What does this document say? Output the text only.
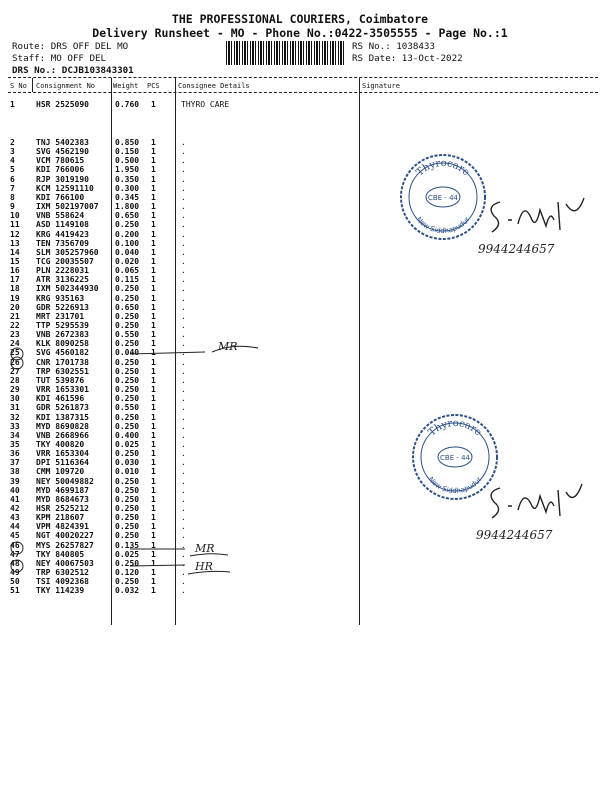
THE PROFESSIONAL COURIERS, Coimbatore
Delivery Runsheet - MO - Phone No.:0422-3505555 - Page No.:1
Route: DRS OFF DEL MO
Staff: MO OFF DEL
DRS No.: DCJB103843301
RS No.: 1038433
RS Date: 13-Oct-2022
S No Consignment No	Weight PCS	Consignee Details	Signature
1	HSR 2525090	0.760 1	THYRO CARE
2	TNJ 5402383	0.850 1	.
3	SVG 4562190	0.150 1	.
4	VCM 780615	0.500 1	.
5	KDI 766006	1.950 1	.
6	RJP 3019190	0.350 1	.
7	KCM 12591110	0.300 1	.
8	KDI 766100	0.345 1	.
9	IXM 502197007 1.800 1	.
10 VNB 558624	0.650 1	.
11 ASD 1149108	0.250 1	.
12 KRG 4419423	0.200 1	.
13 TEN 7356709	0.100 1	.
14 SLM 305257960 0.040 1	.
15 TCG 20035507	0.020 1	.
16 PLN 2228031	0.065 1	.
17 ATR 3136225	0.115 1	.
18 IXM 502344930 0.250 1	.
19 KRG 935163	0.250 1	.
20 GDR 5226913	0.650 1	.
21 MRT 231701	0.250 1	.
22 TTP 5295539	0.250 1	.
23 VNB 2672383	0.550 1	.
24 KLK 8090258	0.250 1	.
25 SVG 4560182	0.040 1	.
26 CNR 1701738	0.250 1	.
27 TRP 6302551	0.250 1	.
28 TUT 539876	0.250 1	.
29 VRR 1653301	0.250 1	.
30 KDI 461596	0.250 1	.
31 GDR 5261873	0.550 1	.
32 KDI 1387315	0.250 1	.
33 MYD 8690828	0.250 1	.
34 VNB 2668966	0.400 1	.
35 TKY 400820	0.025 1	.
36 VRR 1653304	0.250 1	.
37 DPI 5116364	0.030 1	.
38 CMM 109720	0.010 1	.
39 NEY 50049882	0.250 1	.
40 MYD 4699187	0.250 1	.
41 MYD 8684673	0.250 1	.
42 HSR 2525212	0.250 1	.
43 KPM 218607	0.250 1	.
44 VPM 4824391	0.250 1	.
45 NGT 40020227	0.250 1	.
46 MYS 26257827	0.135 1	.
47 TKY 840805	0.025 1	.
48 NEY 40067503	0.250 1	.
49 TRP 6302512	0.120 1	.
50 TSI 4092368	0.250 1	.
51 TKY 114239	0.032 1	.
MR
MR
HR
Thyrocare
CBE - 44
New Siddhapudur
Thyrocare
CBE - 44
New Siddhapudur
9944244657
9944244657
